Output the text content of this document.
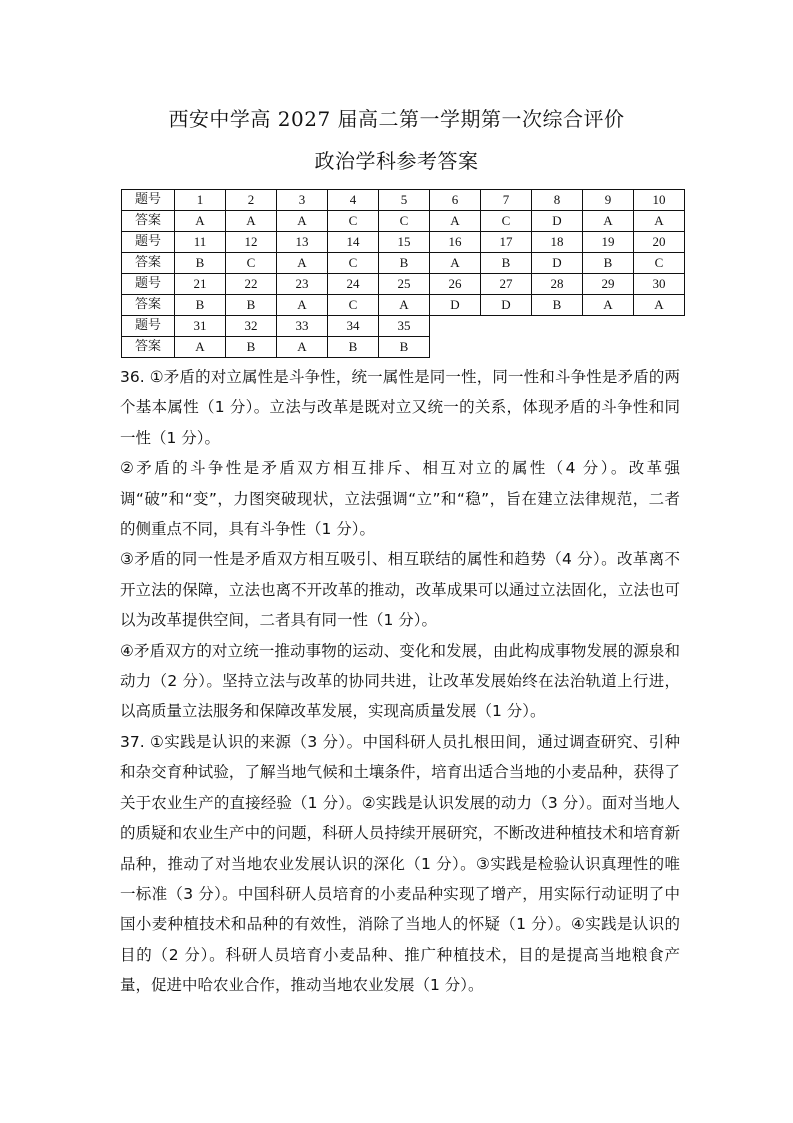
西安中学高 2027 届高二第一学期第一次综合评价
政治学科参考答案
题号	1	2	3	4	5	6	7	8	9	10
答案	A	A	A	C	C	A	C	D	A	A
题号	11	12	13	14	15	16	17	18	19	20
答案	B	C	A	C	B	A	B	D	B	C
题号	21	22	23	24	25	26	27	28	29	30
答案	B	B	A	C	A	D	D	B	A	A
题号	31	32	33	34	35					
答案	A	B	A	B	B					

36. ①矛盾的对立属性是斗争性，统一属性是同一性，同一性和斗争性是矛盾的两个基本属性（1 分）。立法与改革是既对立又统一的关系，体现矛盾的斗争性和同一性（1 分）。

②矛盾的斗争性是矛盾双方相互排斥、相互对立的属性（4 分）。改革强调“破”和“变”，力图突破现状，立法强调“立”和“稳”，旨在建立法律规范，二者的侧重点不同，具有斗争性（1 分）。

③矛盾的同一性是矛盾双方相互吸引、相互联结的属性和趋势（4 分）。改革离不开立法的保障，立法也离不开改革的推动，改革成果可以通过立法固化，立法也可以为改革提供空间，二者具有同一性（1 分）。

④矛盾双方的对立统一推动事物的运动、变化和发展，由此构成事物发展的源泉和动力（2 分）。坚持立法与改革的协同共进，让改革发展始终在法治轨道上行进，以高质量立法服务和保障改革发展，实现高质量发展（1 分）。

37. ①实践是认识的来源（3 分）。中国科研人员扎根田间，通过调查研究、引种和杂交育种试验，了解当地气候和土壤条件，培育出适合当地的小麦品种，获得了关于农业生产的直接经验（1 分）。②实践是认识发展的动力（3 分）。面对当地人的质疑和农业生产中的问题，科研人员持续开展研究，不断改进种植技术和培育新品种，推动了对当地农业发展认识的深化（1 分）。③实践是检验认识真理性的唯一标准（3 分）。中国科研人员培育的小麦品种实现了增产，用实际行动证明了中国小麦种植技术和品种的有效性，消除了当地人的怀疑（1 分）。④实践是认识的目的（2 分）。科研人员培育小麦品种、推广种植技术，目的是提高当地粮食产量，促进中哈农业合作，推动当地农业发展（1 分）。
